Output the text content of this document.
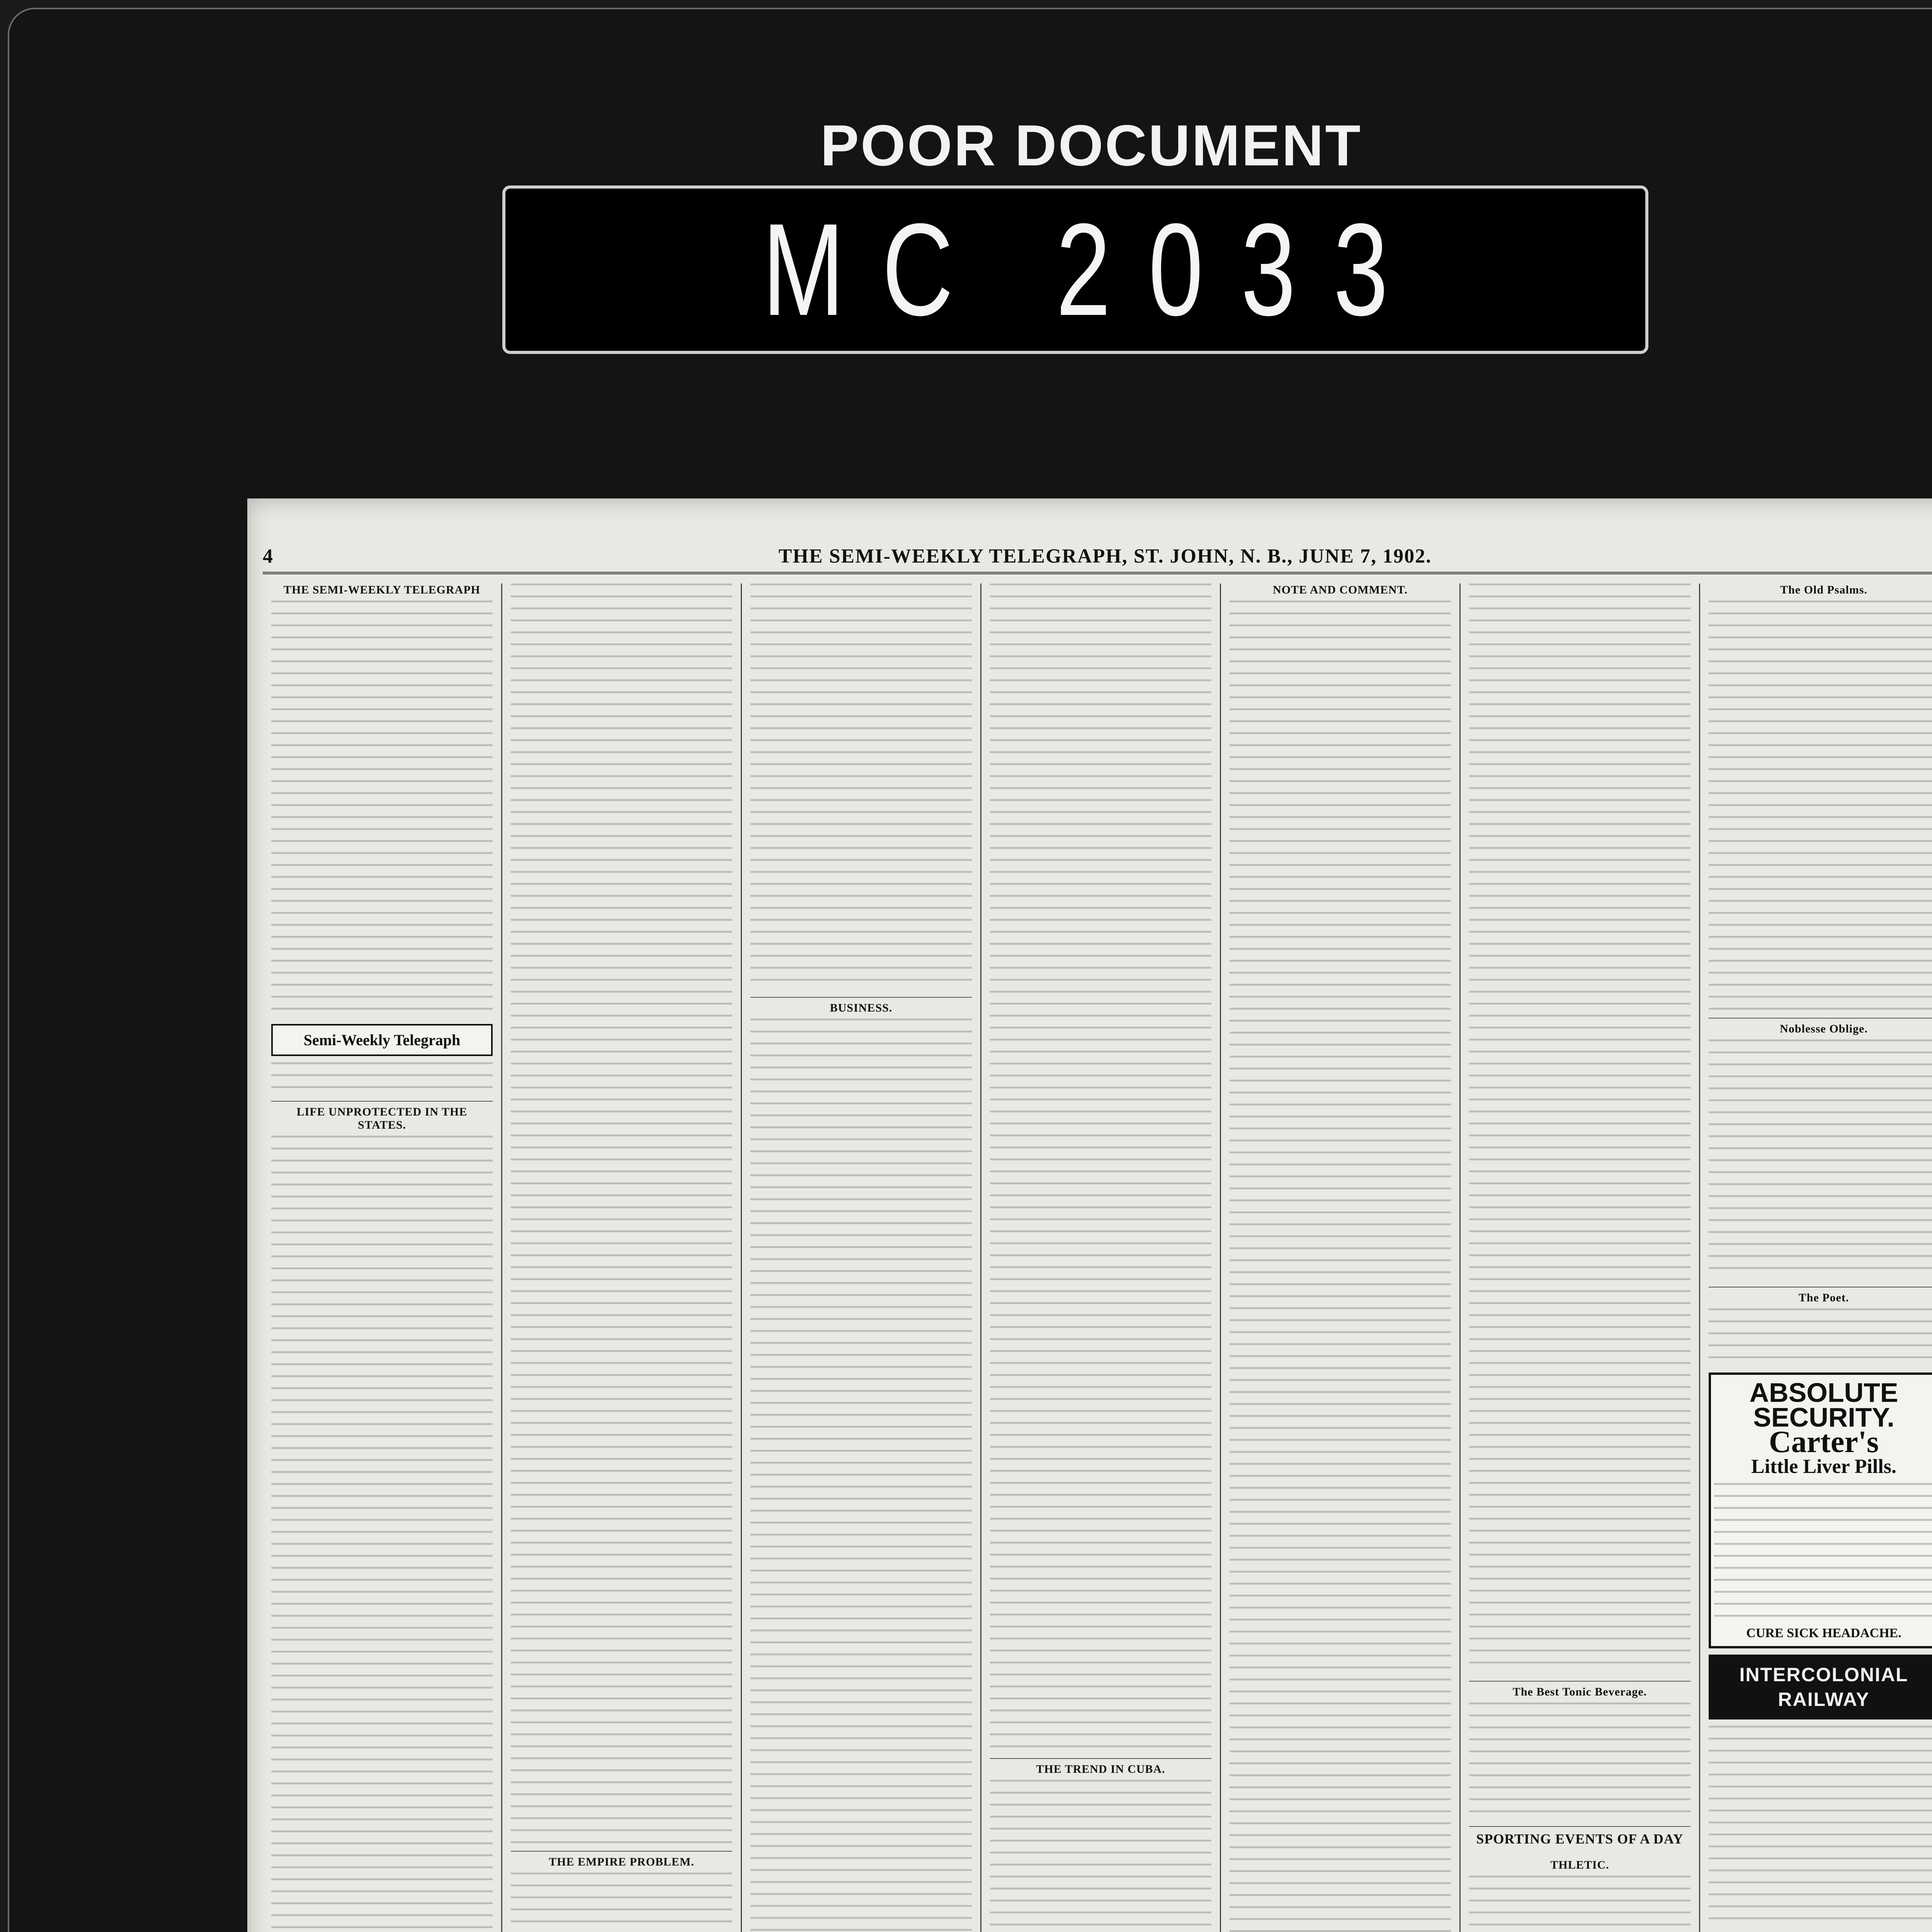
POOR DOCUMENT
MC 2033
4	THE SEMI-WEEKLY TELEGRAPH, ST. JOHN, N. B., JUNE 7, 1902.
THE SEMI-WEEKLY TELEGRAPH
Semi-Weekly Telegraph
LIFE UNPROTECTED IN THE STATES.
THE EMPIRE PROBLEM.
BUSINESS.
THE TREND IN CUBA.
NOTE AND COMMENT.
The Best Tonic Beverage.
SPORTING EVENTS OF A DAY
THLETIC.
The Old Psalms.
Noblesse Oblige.
The Poet.
ABSOLUTE
SECURITY.
Carter's
Little Liver Pills.
CURE SICK HEADACHE.
INTERCOLONIAL RAILWAY
